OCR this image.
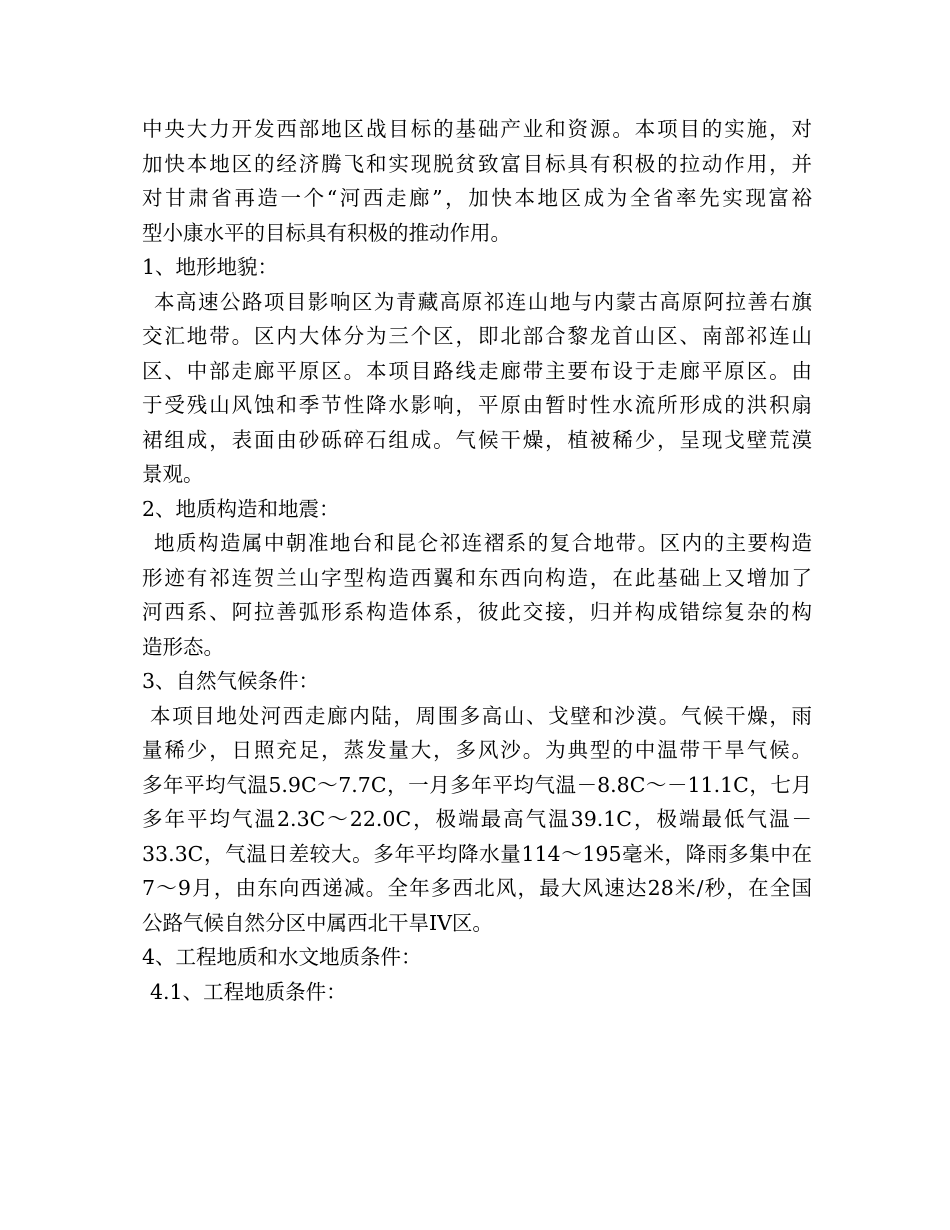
中央大力开发西部地区战目标的基础产业和资源。本项目的实施，对
加快本地区的经济腾飞和实现脱贫致富目标具有积极的拉动作用，并
对甘肃省再造一个“河西走廊”，加快本地区成为全省率先实现富裕
型小康水平的目标具有积极的推动作用。
1、地形地貌：
本高速公路项目影响区为青藏高原祁连山地与内蒙古高原阿拉善右旗
交汇地带。区内大体分为三个区，即北部合黎龙首山区、南部祁连山
区、中部走廊平原区。本项目路线走廊带主要布设于走廊平原区。由
于受残山风蚀和季节性降水影响，平原由暂时性水流所形成的洪积扇
裙组成，表面由砂砾碎石组成。气候干燥，植被稀少，呈现戈壁荒漠
景观。
2、地质构造和地震：
地质构造属中朝准地台和昆仑祁连褶系的复合地带。区内的主要构造
形迹有祁连贺兰山字型构造西翼和东西向构造，在此基础上又增加了
河西系、阿拉善弧形系构造体系，彼此交接，归并构成错综复杂的构
造形态。
3、自然气候条件：
本项目地处河西走廊内陆，周围多高山、戈壁和沙漠。气候干燥，雨
量稀少，日照充足，蒸发量大，多风沙。为典型的中温带干旱气候。
多年平均气温5.9C～7.7C，一月多年平均气温－8.8C～－11.1C，七月
多年平均气温2.3C～22.0C，极端最高气温39.1C，极端最低气温－
33.3C，气温日差较大。多年平均降水量114～195毫米，降雨多集中在
7～9月，由东向西递减。全年多西北风，最大风速达28米/秒，在全国
公路气候自然分区中属西北干旱IV区。
4、工程地质和水文地质条件：
4.1、工程地质条件：
